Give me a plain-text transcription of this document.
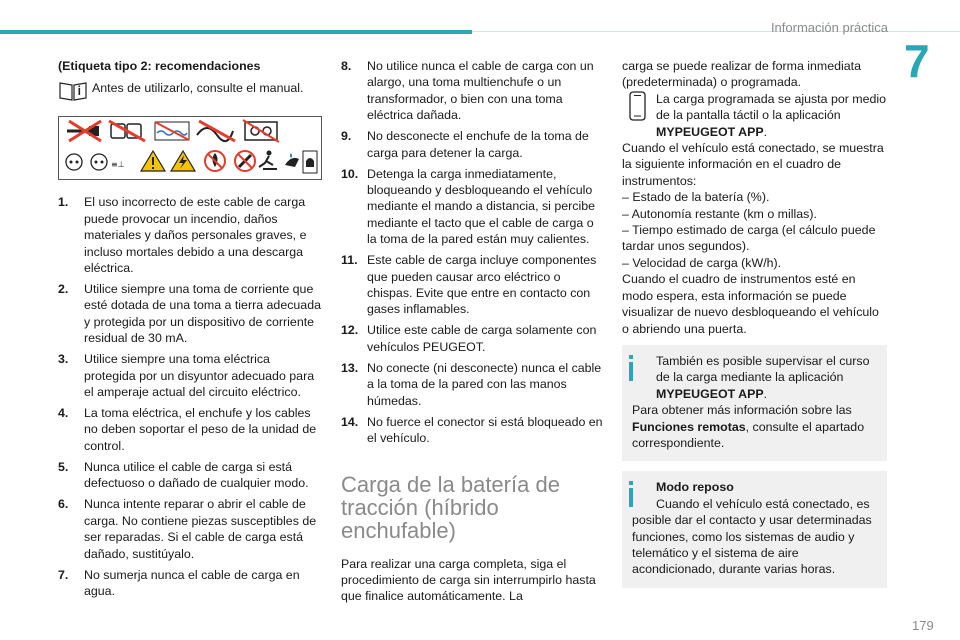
Información práctica
7
179
(Etiqueta tipo 2: recomendaciones
Antes de utilizarlo, consulte el manual.
≡⊥
1.	El uso incorrecto de este cable de carga puede provocar un incendio, daños materiales y daños personales graves, e incluso mortales debido a una descarga eléctrica.
2.	Utilice siempre una toma de corriente que esté dotada de una toma a tierra adecuada y protegida por un dispositivo de corriente residual de 30 mA.
3.	Utilice siempre una toma eléctrica protegida por un disyuntor adecuado para el amperaje actual del circuito eléctrico.
4.	La toma eléctrica, el enchufe y los cables no deben soportar el peso de la unidad de control.
5.	Nunca utilice el cable de carga si está defectuoso o dañado de cualquier modo.
6.	Nunca intente reparar o abrir el cable de carga. No contiene piezas susceptibles de ser reparadas. Si el cable de carga está dañado, sustitúyalo.
7.	No sumerja nunca el cable de carga en agua.
8.	No utilice nunca el cable de carga con un alargo, una toma multienchufe o un transformador, o bien con una toma eléctrica dañada.
9.	No desconecte el enchufe de la toma de carga para detener la carga.
10. Detenga la carga inmediatamente, bloqueando y desbloqueando el vehículo mediante el mando a distancia, si percibe mediante el tacto que el cable de carga o la toma de la pared están muy calientes.
11. Este cable de carga incluye componentes que pueden causar arco eléctrico o chispas. Evite que entre en contacto con gases inflamables.
12. Utilice este cable de carga solamente con vehículos PEUGEOT.
13. No conecte (ni desconecte) nunca el cable a la toma de la pared con las manos húmedas.
14. No fuerce el conector si está bloqueado en el vehículo.
Carga de la batería de tracción (híbrido enchufable)

Para realizar una carga completa, siga el procedimiento de carga sin interrumpirlo hasta que finalice automáticamente. La

carga se puede realizar de forma inmediata (predeterminada) o programada.

La carga programada se ajusta por medio de la pantalla táctil o la aplicación MYPEUGEOT APP.

Cuando el vehículo está conectado, se muestra la siguiente información en el cuadro de instrumentos:

– Estado de la batería (%).
– Autonomía restante (km o millas).
– Tiempo estimado de carga (el cálculo puede tardar unos segundos).
– Velocidad de carga (kW/h).

Cuando el cuadro de instrumentos esté en modo espera, esta información se puede visualizar de nuevo desbloqueando el vehículo o abriendo una puerta.

También es posible supervisar el curso de la carga mediante la aplicación MYPEUGEOT APP.
Para obtener más información sobre las Funciones remotas, consulte el apartado correspondiente.
Modo reposo
Cuando el vehículo está conectado, es posible dar el contacto y usar determinadas funciones, como los sistemas de audio y telemático y el sistema de aire acondicionado, durante varias horas.
